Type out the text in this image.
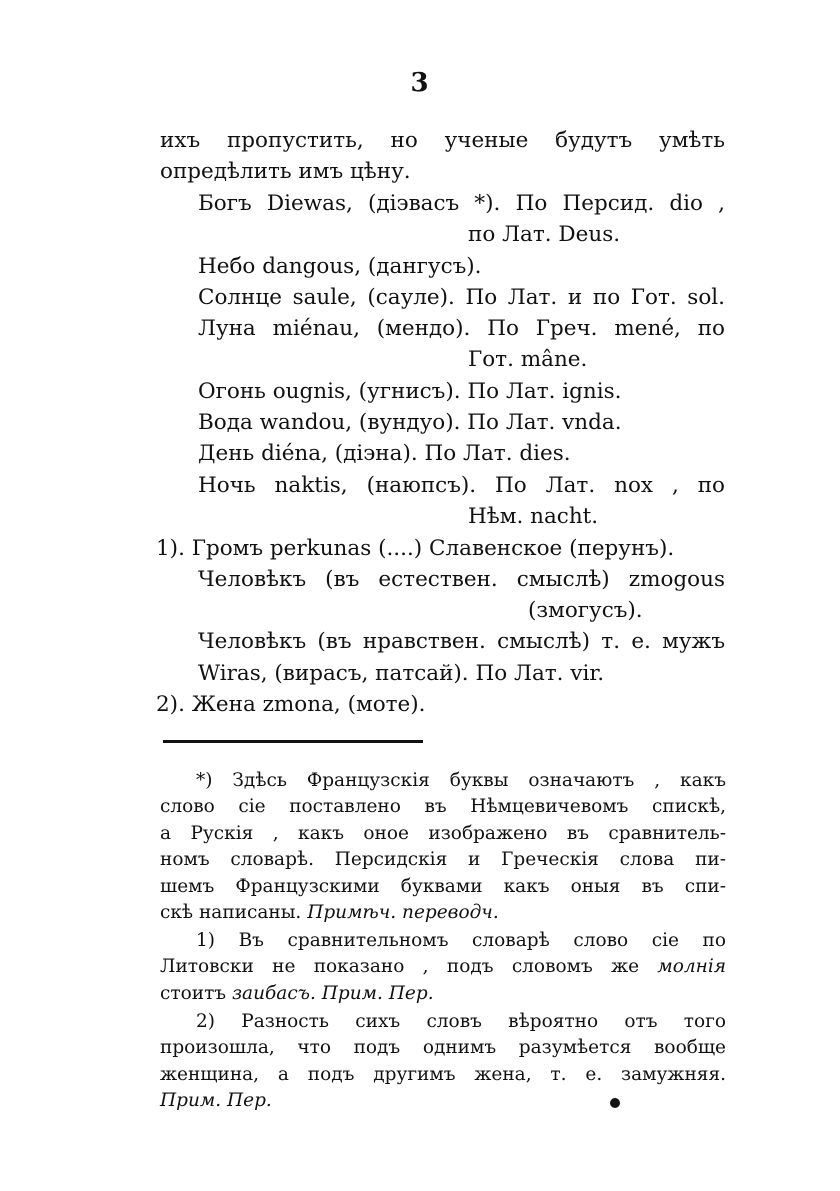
3
ихъ пропустить, но ученые будутъ умѣть
опредѣлить имъ цѣну.
Богъ Diewas, (діэвасъ *). По Персид. dio ,
по Лат. Deus.
Небо dangous, (дангусъ).
Солнце saule, (сауле). По Лат. и по Гот. sol.
Луна miénau, (мендо). По Греч. mené, по
Гот. mâne.
Огонь ougnis, (угнисъ). По Лат. ignis.
Вода wandou, (вундуо). По Лат. vnda.
День diéna, (діэна). По Лат. dies.
Ночь naktis, (наюпсъ). По Лат. nox , по
Нѣм. nacht.
1). Громъ perkunas (....) Славенское (перунъ).
Человѣкъ (въ естествен. смыслѣ) zmogous
(змогусъ).
Человѣкъ (въ нравствен. смыслѣ) т. е. мужъ
Wiras, (вирасъ, патсай). По Лат. vir.
2). Жена zmona, (моте).
*) Здѣсь Французскія буквы означаютъ , какъ
слово сіе поставлено въ Нѣмцевичевомъ спискѣ,
а Рускія , какъ оное изображено въ сравнитель-
номъ словарѣ. Персидскія и Греческія слова пи-
шемъ Французскими буквами какъ оныя въ спи-
скѣ написаны. Примѣч. переводч.
1) Въ сравнительномъ словарѣ слово сіе по
Литовски не показано , подъ словомъ же молнія
стоитъ заибасъ. Прим. Пер.
2) Разность сихъ словъ вѣроятно отъ того
произошла, что подъ однимъ разумѣется вообще
женщина, а подъ другимъ жена, т. е. замужняя.
Прим. Пер.
